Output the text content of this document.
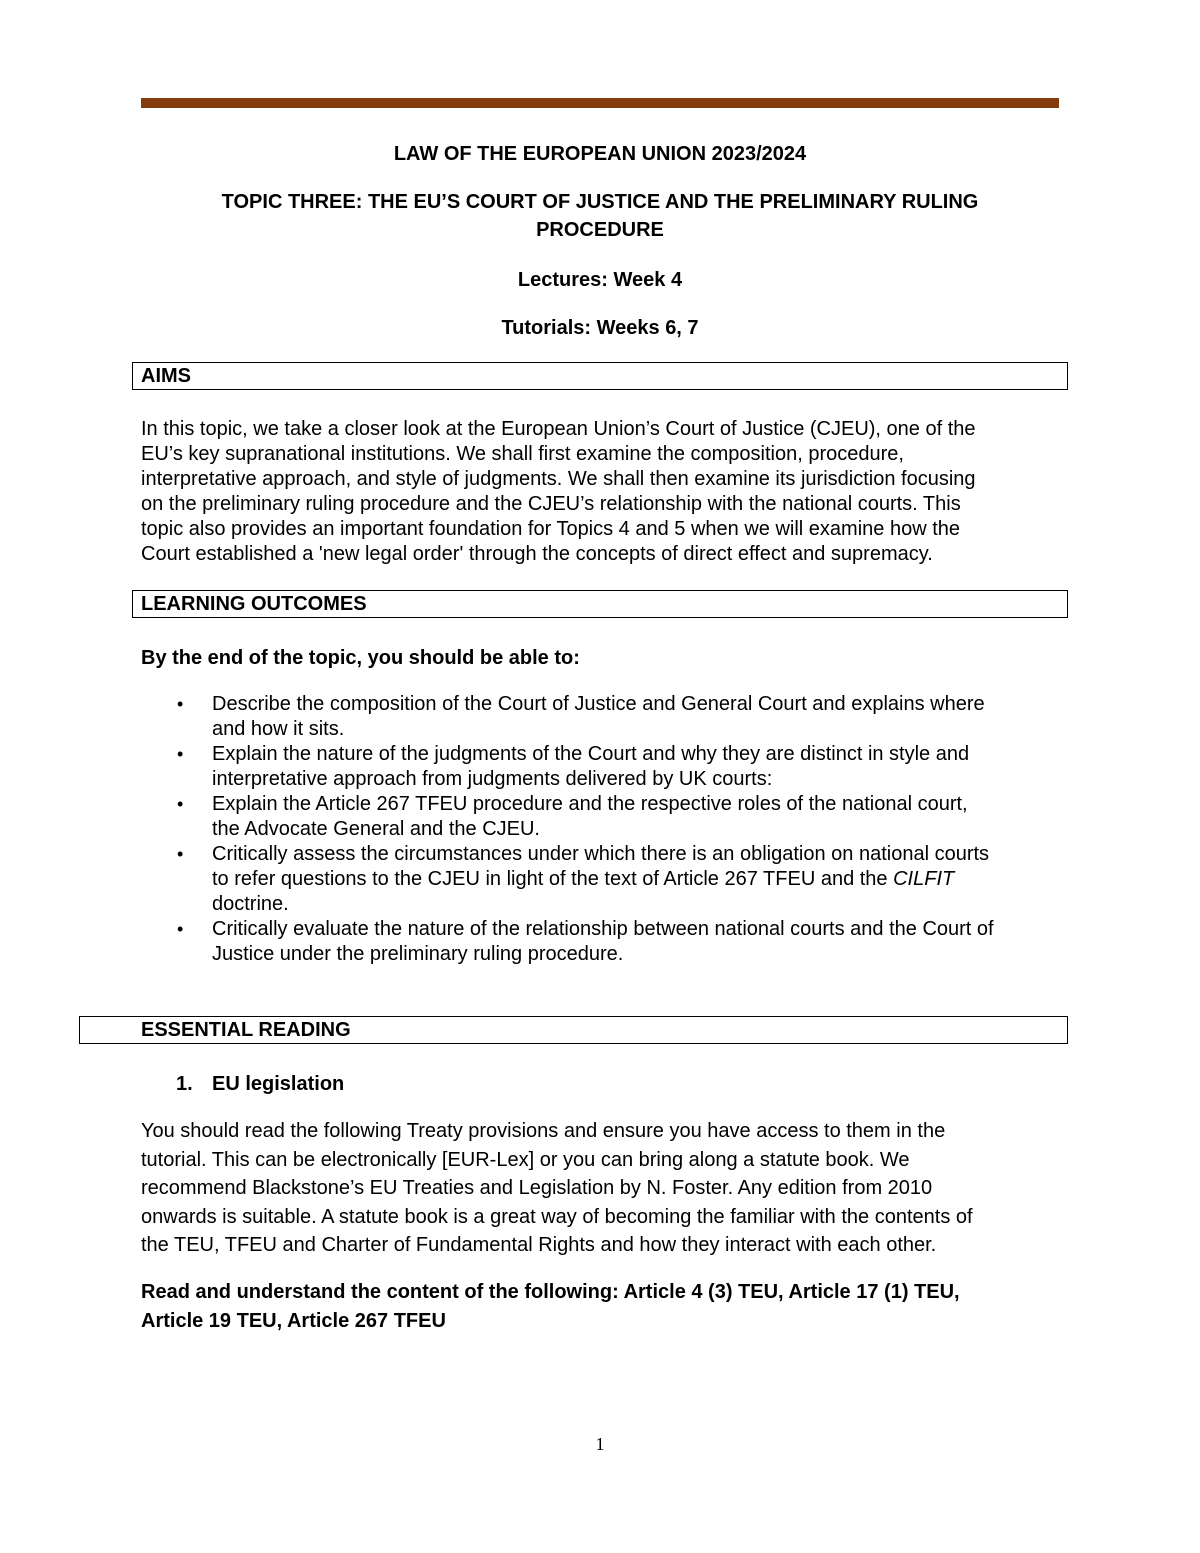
LAW OF THE EUROPEAN UNION 2023/2024

TOPIC THREE: THE EU’S COURT OF JUSTICE AND THE PRELIMINARY RULING

PROCEDURE

Lectures: Week 4

Tutorials: Weeks 6, 7

AIMS
In this topic, we take a closer look at the European Union’s Court of Justice (CJEU), one of the
EU’s key supranational institutions. We shall first examine the composition, procedure,
interpretative approach, and style of judgments. We shall then examine its jurisdiction focusing
on the preliminary ruling procedure and the CJEU’s relationship with the national courts. This
topic also provides an important foundation for Topics 4 and 5 when we will examine how the
Court established a 'new legal order' through the concepts of direct effect and supremacy.
LEARNING OUTCOMES

By the end of the topic, you should be able to:

• Describe the composition of the Court of Justice and General Court and explains where
and how it sits.
• Explain the nature of the judgments of the Court and why they are distinct in style and
interpretative approach from judgments delivered by UK courts:
• Explain the Article 267 TFEU procedure and the respective roles of the national court,
the Advocate General and the CJEU.
• Critically assess the circumstances under which there is an obligation on national courts
to refer questions to the CJEU in light of the text of Article 267 TFEU and the CILFIT
doctrine.
• Critically evaluate the nature of the relationship between national courts and the Court of
Justice under the preliminary ruling procedure.
ESSENTIAL READING

1. EU legislation

You should read the following Treaty provisions and ensure you have access to them in the
tutorial. This can be electronically [EUR-Lex] or you can bring along a statute book. We
recommend Blackstone’s EU Treaties and Legislation by N. Foster. Any edition from 2010
onwards is suitable. A statute book is a great way of becoming the familiar with the contents of
the TEU, TFEU and Charter of Fundamental Rights and how they interact with each other.
Read and understand the content of the following: Article 4 (3) TEU, Article 17 (1) TEU,
Article 19 TEU, Article 267 TFEU
1
